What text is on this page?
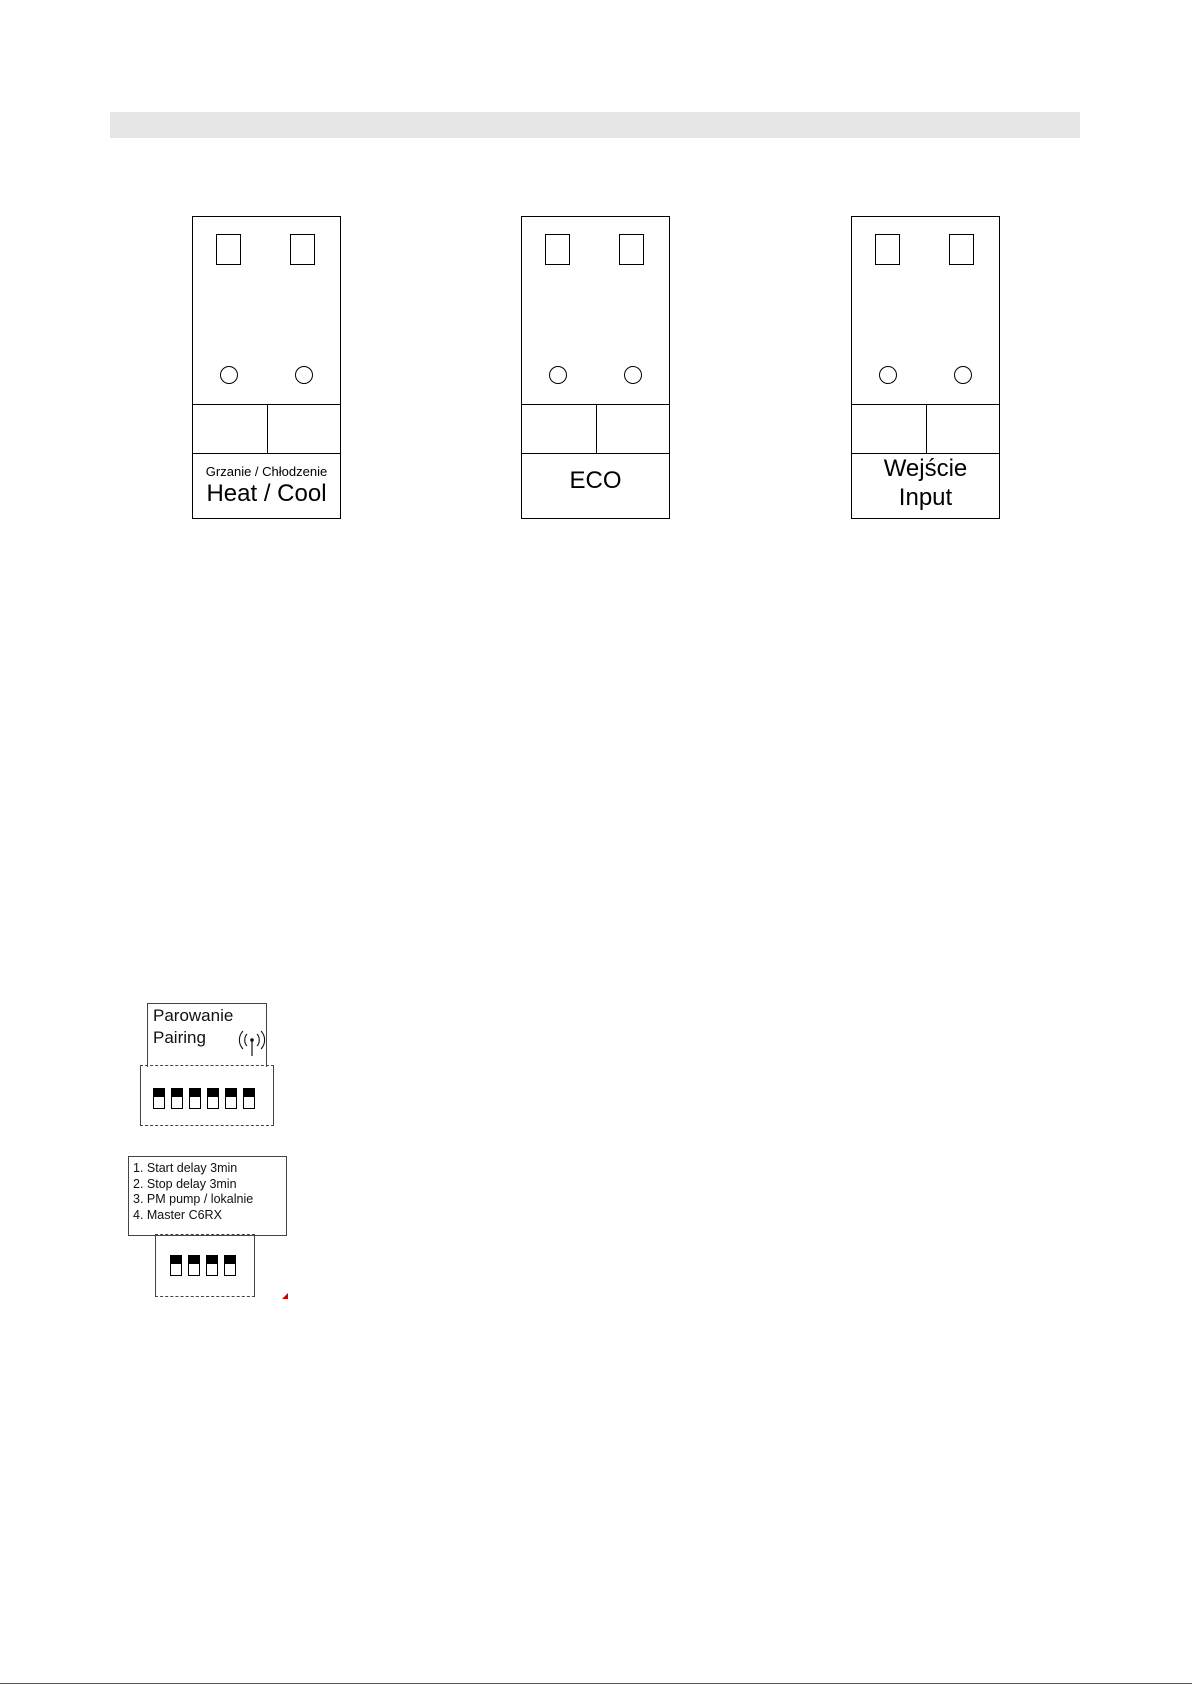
Grzanie / Chłodzenie
Heat / Cool	ECO	Wejście
Input
Parowanie
Pairing
1. Start delay 3min
2. Stop delay 3min
3. PM pump / lokalnie
4. Master C6RX
